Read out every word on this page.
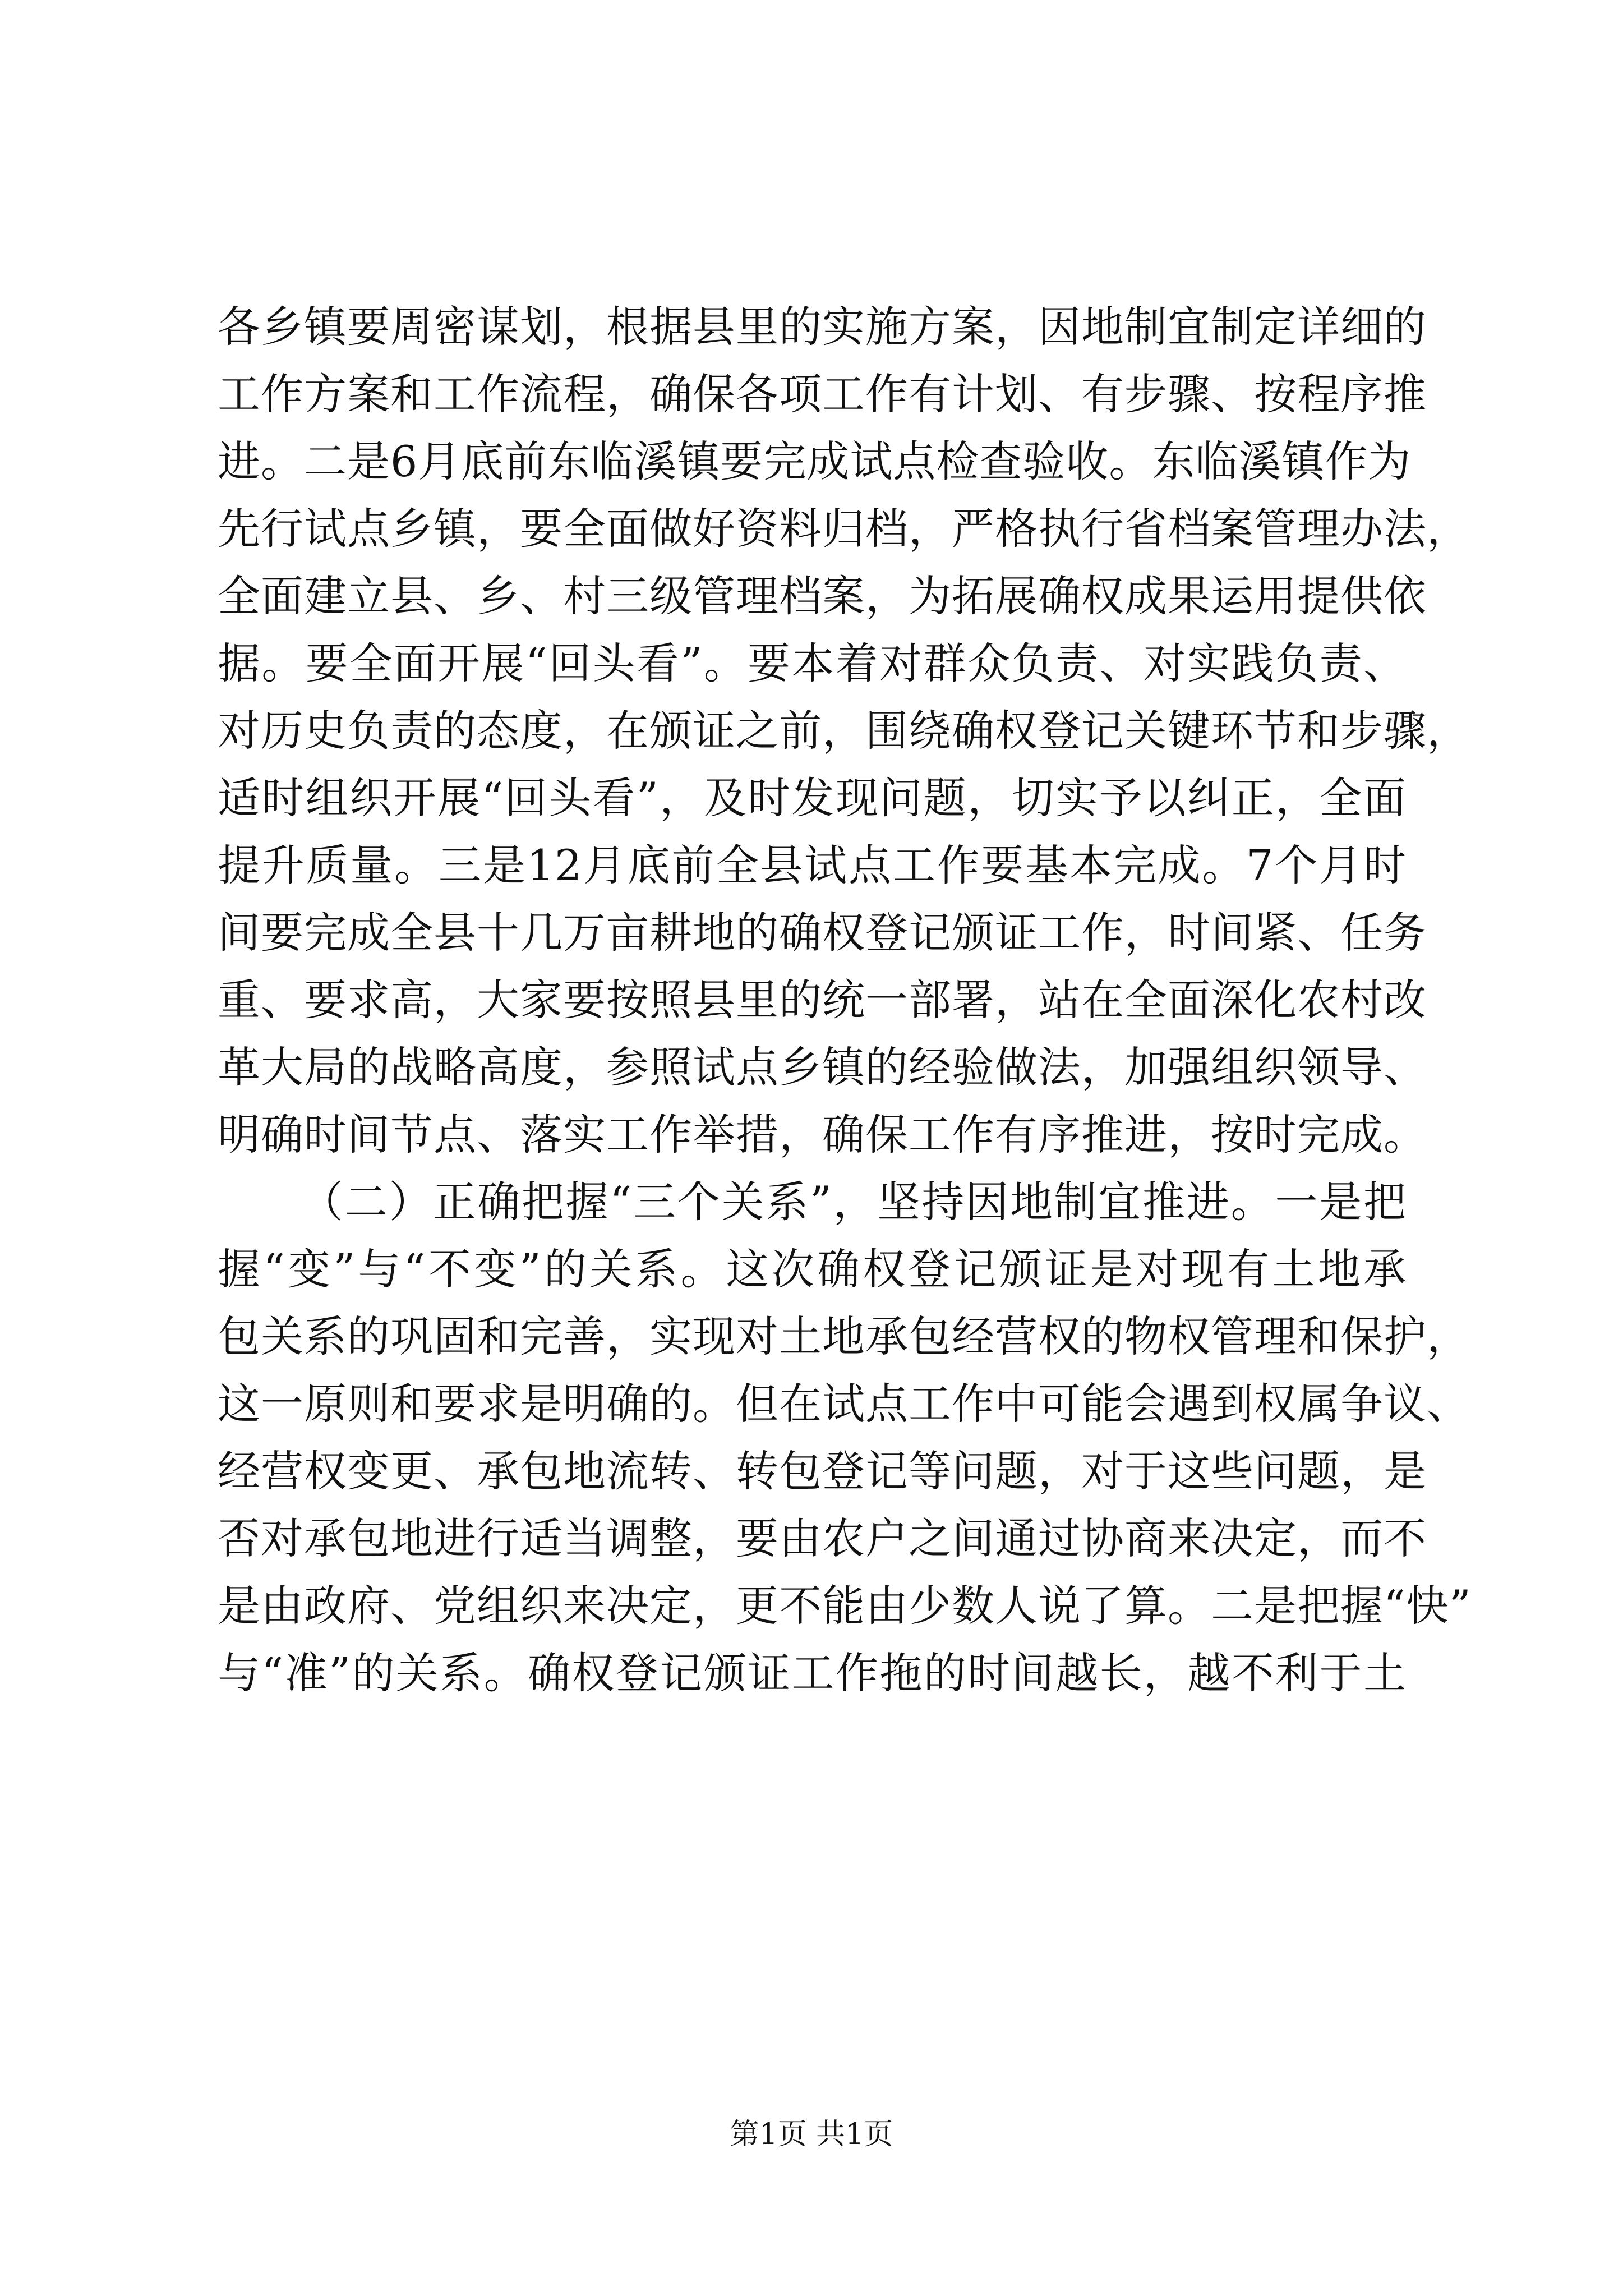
各乡镇要周密谋划，根据县里的实施方案，因地制宜制定详细的
工作方案和工作流程，确保各项工作有计划、有步骤、按程序推
进。二是6月底前东临溪镇要完成试点检查验收。东临溪镇作为
先行试点乡镇，要全面做好资料归档，严格执行省档案管理办法，
全面建立县、乡、村三级管理档案，为拓展确权成果运用提供依
据。要全面开展“回头看”。要本着对群众负责、对实践负责、
对历史负责的态度，在颁证之前，围绕确权登记关键环节和步骤，
适时组织开展“回头看”，及时发现问题，切实予以纠正，全面
提升质量。三是12月底前全县试点工作要基本完成。7个月时
间要完成全县十几万亩耕地的确权登记颁证工作，时间紧、任务
重、要求高，大家要按照县里的统一部署，站在全面深化农村改
革大局的战略高度，参照试点乡镇的经验做法，加强组织领导、
明确时间节点、落实工作举措，确保工作有序推进，按时完成。
（二）正确把握“三个关系”，坚持因地制宜推进。一是把
握“变”与“不变”的关系。这次确权登记颁证是对现有土地承
包关系的巩固和完善，实现对土地承包经营权的物权管理和保护，
这一原则和要求是明确的。但在试点工作中可能会遇到权属争议、
经营权变更、承包地流转、转包登记等问题，对于这些问题，是
否对承包地进行适当调整，要由农户之间通过协商来决定，而不
是由政府、党组织来决定，更不能由少数人说了算。二是把握“快”
与“准”的关系。确权登记颁证工作拖的时间越长，越不利于土
第1页 共1页
